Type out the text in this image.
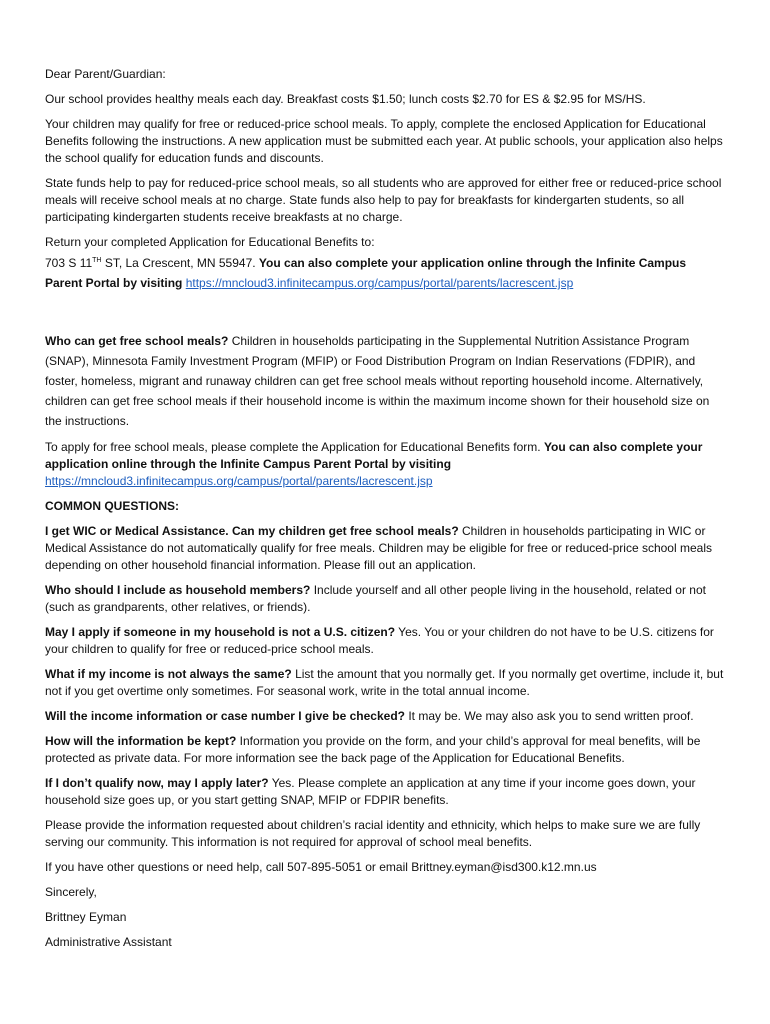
Dear Parent/Guardian:

Our school provides healthy meals each day. Breakfast costs $1.50; lunch costs $2.70 for ES & $2.95 for MS/HS.

Your children may qualify for free or reduced-price school meals. To apply, complete the enclosed Application for Educational Benefits following the instructions. A new application must be submitted each year. At public schools, your application also helps the school qualify for education funds and discounts.

State funds help to pay for reduced-price school meals, so all students who are approved for either free or reduced-price school meals will receive school meals at no charge. State funds also help to pay for breakfasts for kindergarten students, so all participating kindergarten students receive breakfasts at no charge.

Return your completed Application for Educational Benefits to:

703 S 11TH ST, La Crescent, MN 55947. You can also complete your application online through the Infinite Campus Parent Portal by visiting https://mncloud3.infinitecampus.org/campus/portal/parents/lacrescent.jsp

Who can get free school meals? Children in households participating in the Supplemental Nutrition Assistance Program (SNAP), Minnesota Family Investment Program (MFIP) or Food Distribution Program on Indian Reservations (FDPIR), and foster, homeless, migrant and runaway children can get free school meals without reporting household income. Alternatively, children can get free school meals if their household income is within the maximum income shown for their household size on the instructions.

To apply for free school meals, please complete the Application for Educational Benefits form. You can also complete your application online through the Infinite Campus Parent Portal by visiting https://mncloud3.infinitecampus.org/campus/portal/parents/lacrescent.jsp

COMMON QUESTIONS:

I get WIC or Medical Assistance. Can my children get free school meals? Children in households participating in WIC or Medical Assistance do not automatically qualify for free meals. Children may be eligible for free or reduced-price school meals depending on other household financial information. Please fill out an application.

Who should I include as household members? Include yourself and all other people living in the household, related or not (such as grandparents, other relatives, or friends).

May I apply if someone in my household is not a U.S. citizen? Yes. You or your children do not have to be U.S. citizens for your children to qualify for free or reduced-price school meals.

What if my income is not always the same? List the amount that you normally get. If you normally get overtime, include it, but not if you get overtime only sometimes. For seasonal work, write in the total annual income.

Will the income information or case number I give be checked? It may be. We may also ask you to send written proof.

How will the information be kept? Information you provide on the form, and your child’s approval for meal benefits, will be protected as private data. For more information see the back page of the Application for Educational Benefits.

If I don’t qualify now, may I apply later? Yes. Please complete an application at any time if your income goes down, your household size goes up, or you start getting SNAP, MFIP or FDPIR benefits.

Please provide the information requested about children’s racial identity and ethnicity, which helps to make sure we are fully serving our community. This information is not required for approval of school meal benefits.

If you have other questions or need help, call 507-895-5051 or email Brittney.eyman@isd300.k12.mn.us

Sincerely,

Brittney Eyman

Administrative Assistant
